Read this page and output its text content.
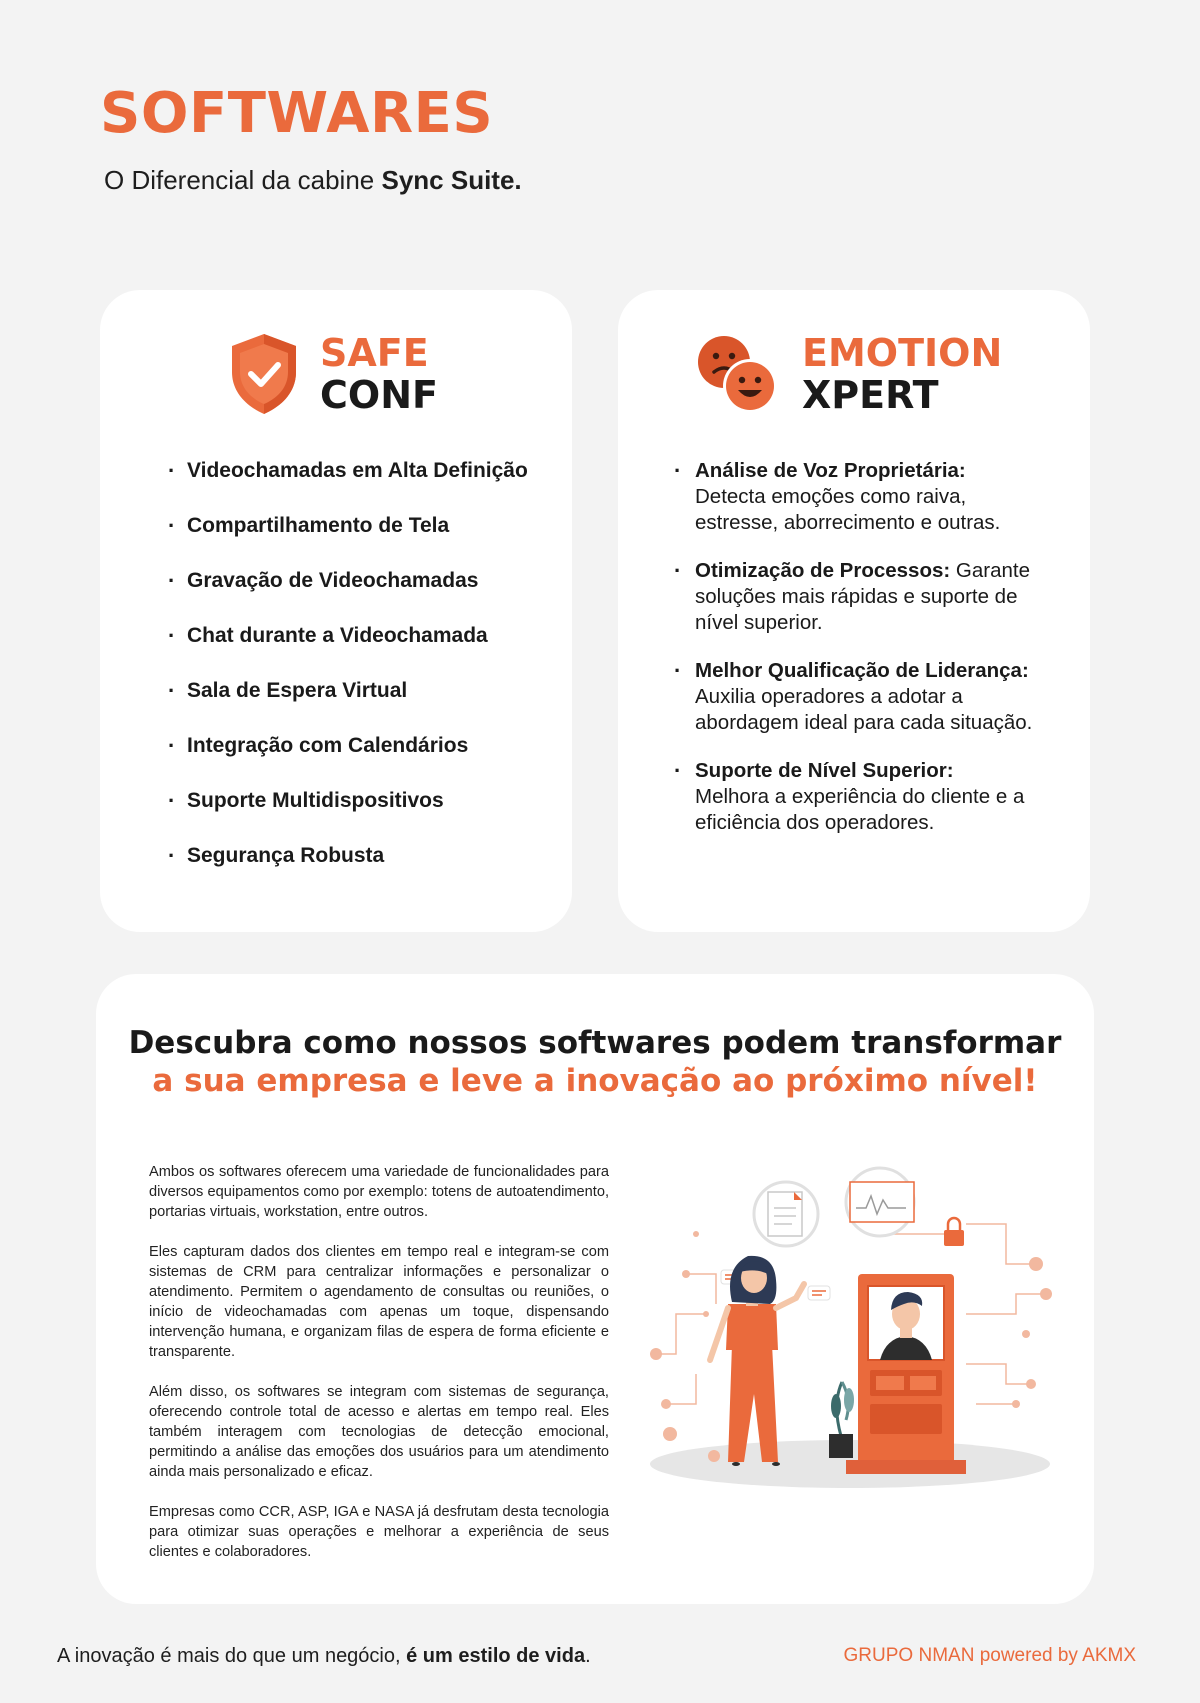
SOFTWARES

O Diferencial da cabine Sync Suite.

SAFE
CONF
· Videochamadas em Alta Definição
· Compartilhamento de Tela
· Gravação de Videochamadas
· Chat durante a Videochamada
· Sala de Espera Virtual
· Integração com Calendários
· Suporte Multidispositivos
· Segurança Robusta
EMOTION
XPERT
· Análise de Voz Proprietária:
Detecta emoções como raiva, estresse, aborrecimento e outras.
· Otimização de Processos: Garante soluções mais rápidas e suporte de nível superior.
· Melhor Qualificação de Liderança:
Auxilia operadores a adotar a abordagem ideal para cada situação.
· Suporte de Nível Superior:
Melhora a experiência do cliente e a eficiência dos operadores.
Descubra como nossos softwares podem transformar
a sua empresa e leve a inovação ao próximo nível!

Ambos os softwares oferecem uma variedade de funcionalidades para diversos equipamentos como por exemplo: totens de autoatendimento, portarias virtuais, workstation, entre outros.

Eles capturam dados dos clientes em tempo real e integram-se com sistemas de CRM para centralizar informações e personalizar o atendimento. Permitem o agendamento de consultas ou reuniões, o início de videochamadas com apenas um toque, dispensando intervenção humana, e organizam filas de espera de forma eficiente e transparente.

Além disso, os softwares se integram com sistemas de segurança, oferecendo controle total de acesso e alertas em tempo real. Eles também interagem com tecnologias de detecção emocional, permitindo a análise das emoções dos usuários para um atendimento ainda mais personalizado e eficaz.

Empresas como CCR, ASP, IGA e NASA já desfrutam desta tecnologia para otimizar suas operações e melhorar a experiência de seus clientes e colaboradores.

A inovação é mais do que um negócio, é um estilo de vida.	GRUPO NMAN powered by AKMX
